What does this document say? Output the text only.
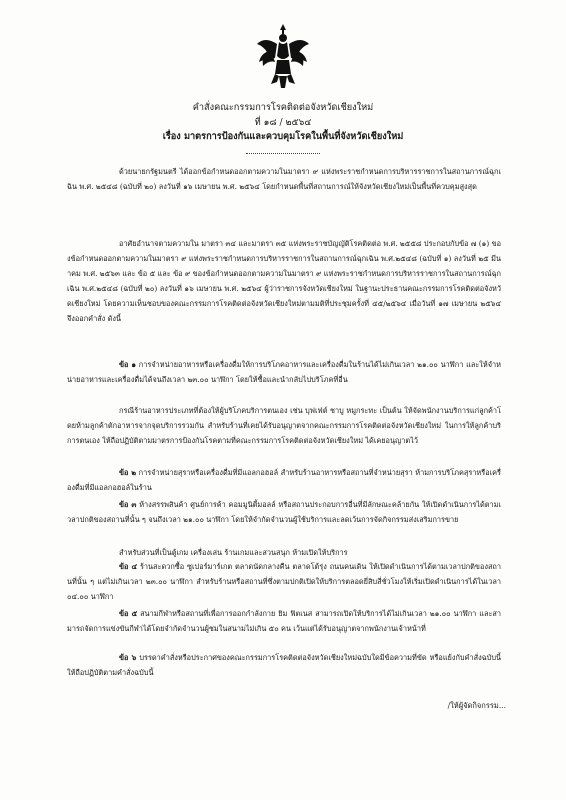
คำสั่งคณะกรรมการโรคติดต่อจังหวัดเชียงใหม่
ที่ ๑๘ / ๒๕๖๔
เรื่อง มาตรการป้องกันและควบคุมโรคในพื้นที่จังหวัดเชียงใหม่

ด้วยนายกรัฐมนตรี ได้ออกข้อกำหนดออกตามความในมาตรา ๙ แห่งพระราชกำหนดการบริหารราชการในสถานการณ์ฉุกเฉิน พ.ศ. ๒๕๔๘ (ฉบับที่ ๒๐) ลงวันที่ ๑๖ เมษายน พ.ศ. ๒๕๖๔ โดยกำหนดพื้นที่สถานการณ์ให้จังหวัดเชียงใหม่เป็นพื้นที่ควบคุมสูงสุด

อาศัยอำนาจตามความใน มาตรา ๓๔ และมาตรา ๓๕ แห่งพระราชบัญญัติโรคติดต่อ พ.ศ. ๒๕๕๘ ประกอบกับข้อ ๗ (๑) ของข้อกำหนดออกตามความในมาตรา ๙ แห่งพระราชกำหนดการบริหารราชการในสถานการณ์ฉุกเฉิน พ.ศ.๒๕๔๘ (ฉบับที่ ๑) ลงวันที่ ๒๕ มีนาคม พ.ศ. ๒๕๖๓ และ ข้อ ๕ และ ข้อ ๙ ของข้อกำหนดออกตามความในมาตรา ๙ แห่งพระราชกำหนดการบริหารราชการในสถานการณ์ฉุกเฉิน พ.ศ.๒๕๔๘ (ฉบับที่ ๒๐) ลงวันที่ ๑๖ เมษายน พ.ศ. ๒๕๖๔ ผู้ว่าราชการจังหวัดเชียงใหม่ ในฐานะประธานคณะกรรมการโรคติดต่อจังหวัดเชียงใหม่ โดยความเห็นชอบของคณะกรรมการโรคติดต่อจังหวัดเชียงใหม่ตามมติที่ประชุมครั้งที่ ๔๕/๒๕๖๔ เมื่อวันที่ ๑๗ เมษายน ๒๕๖๔ จึงออกคำสั่ง ดังนี้

ข้อ ๑ การจำหน่ายอาหารหรือเครื่องดื่มให้การบริโภคอาหารและเครื่องดื่มในร้านได้ไม่เกินเวลา ๒๑.๐๐ นาฬิกา และให้จำหน่ายอาหารและเครื่องดื่มได้จนถึงเวลา ๒๓.๐๐ นาฬิกา โดยให้ซื้อและนำกลับไปบริโภคที่อื่น

กรณีร้านอาหารประเภทที่ต้องให้ผู้บริโภคบริการตนเอง เช่น บุฟเฟ่ต์ ชาบู หมูกระทะ เป็นต้น ให้จัดพนักงานบริการแก่ลูกค้าโดยห้ามลูกค้าตักอาหารจากจุดบริการรวมกัน สำหรับร้านที่เคยได้รับอนุญาตจากคณะกรรมการโรคติดต่อจังหวัดเชียงใหม่ ในการให้ลูกค้าบริการตนเอง ให้ถือปฏิบัติตามมาตรการป้องกันโรคตามที่คณะกรรมการโรคติดต่อจังหวัดเชียงใหม่ ได้เคยอนุญาตไว้

ข้อ ๒ การจำหน่ายสุราหรือเครื่องดื่มที่มีแอลกอฮอล์ สำหรับร้านอาหารหรือสถานที่จำหน่ายสุรา ห้ามการบริโภคสุราหรือเครื่องดื่มที่มีแอลกอฮอล์ในร้าน

ข้อ ๓ ห้างสรรพสินค้า ศูนย์การค้า คอมมูนิตี้มอลล์ หรือสถานประกอบการอื่นที่มีลักษณะคล้ายกัน ให้เปิดดำเนินการได้ตามเวลาปกติของสถานที่นั้น ๆ จนถึงเวลา ๒๑.๐๐ นาฬิกา โดยให้จำกัดจำนวนผู้ใช้บริการและลดเว้นการจัดกิจกรรมส่งเสริมการขาย

สำหรับส่วนที่เป็นตู้เกม เครื่องเล่น ร้านเกมและสวนสนุก ห้ามเปิดให้บริการ

ข้อ ๔ ร้านสะดวกซื้อ ซูเปอร์มาร์เกต ตลาดนัดกลางคืน ตลาดโต้รุ่ง ถนนคนเดิน ให้เปิดดำเนินการได้ตามเวลาปกติของสถานที่นั้น ๆ แต่ไม่เกินเวลา ๒๓.๐๐ นาฬิกา สำหรับร้านหรือสถานที่ซึ่งตามปกติเปิดให้บริการตลอดยี่สิบสี่ชั่วโมงให้เริ่มเปิดดำเนินการได้ในเวลา ๐๔.๐๐ นาฬิกา

ข้อ ๕ สนามกีฬาหรือสถานที่เพื่อการออกกำลังกาย ยิม ฟิตเนส สามารถเปิดให้บริการได้ไม่เกินเวลา ๒๑.๐๐ นาฬิกา และสามารถจัดการแข่งขันกีฬาได้โดยจำกัดจำนวนผู้ชมในสนามไม่เกิน ๕๐ คน เว้นแต่ได้รับอนุญาตจากพนักงานเจ้าหน้าที่

ข้อ ๖ บรรดาคำสั่งหรือประกาศของคณะกรรมการโรคติดต่อจังหวัดเชียงใหม่ฉบับใดมีข้อความที่ขัด หรือแย้งกับคำสั่งฉบับนี้ ให้ถือปฏิบัติตามคำสั่งฉบับนี้

/ให้ผู้จัดกิจกรรม...
